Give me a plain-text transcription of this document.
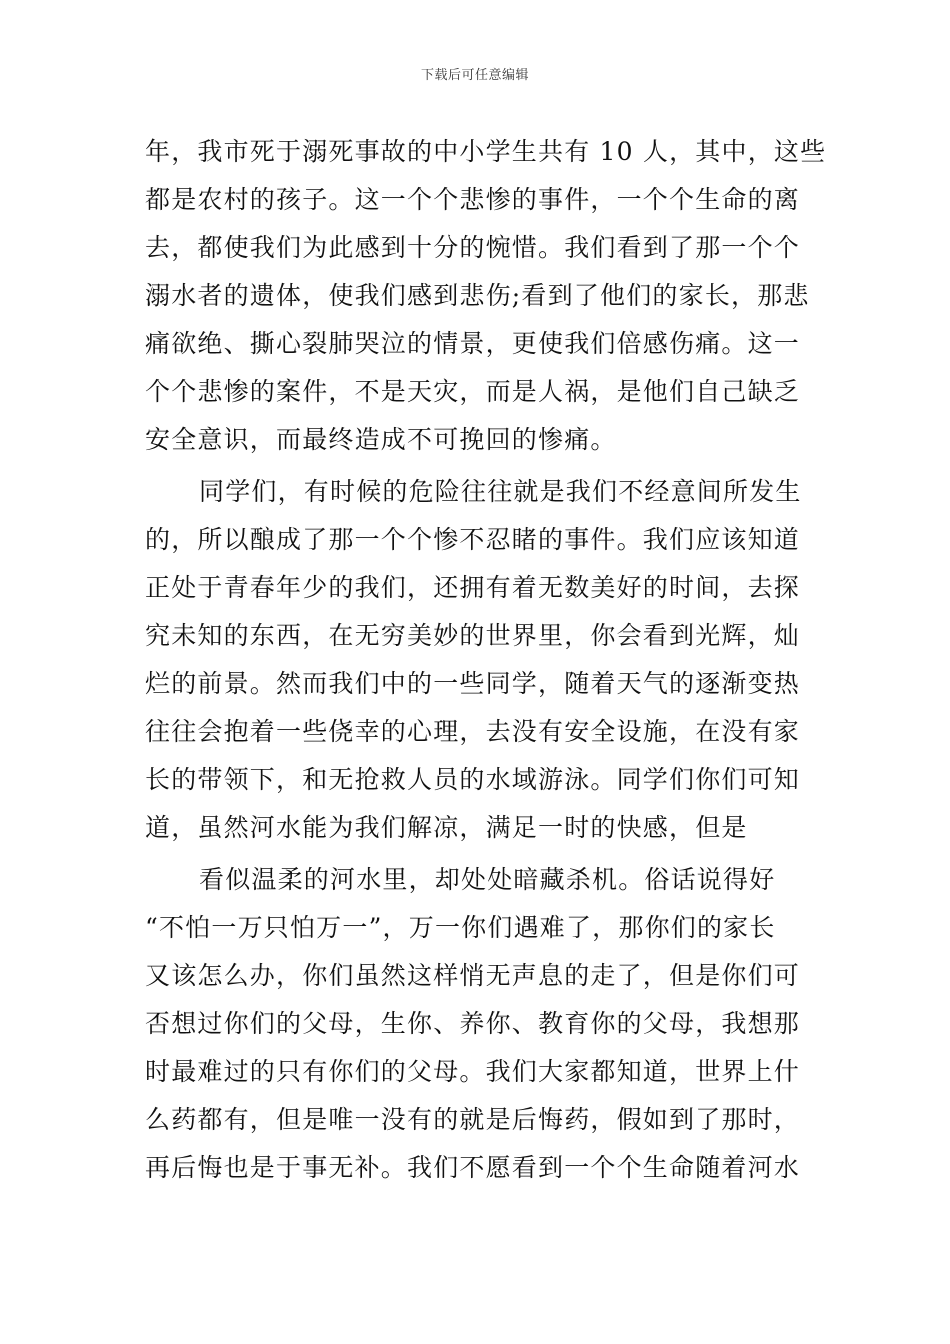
下载后可任意编辑
年，我市死于溺死事故的中小学生共有 10 人，其中，这些
都是农村的孩子。这一个个悲惨的事件，一个个生命的离
去，都使我们为此感到十分的惋惜。我们看到了那一个个
溺水者的遗体，使我们感到悲伤;看到了他们的家长，那悲
痛欲绝、撕心裂肺哭泣的情景，更使我们倍感伤痛。这一
个个悲惨的案件，不是天灾，而是人祸，是他们自己缺乏
安全意识，而最终造成不可挽回的惨痛。
同学们，有时候的危险往往就是我们不经意间所发生
的，所以酿成了那一个个惨不忍睹的事件。我们应该知道
正处于青春年少的我们，还拥有着无数美好的时间，去探
究未知的东西，在无穷美妙的世界里，你会看到光辉，灿
烂的前景。然而我们中的一些同学，随着天气的逐渐变热
往往会抱着一些侥幸的心理，去没有安全设施，在没有家
长的带领下，和无抢救人员的水域游泳。同学们你们可知
道，虽然河水能为我们解凉，满足一时的快感，但是
看似温柔的河水里，却处处暗藏杀机。俗话说得好
“不怕一万只怕万一”，万一你们遇难了，那你们的家长
又该怎么办，你们虽然这样悄无声息的走了，但是你们可
否想过你们的父母，生你、养你、教育你的父母，我想那
时最难过的只有你们的父母。我们大家都知道，世界上什
么药都有，但是唯一没有的就是后悔药，假如到了那时，
再后悔也是于事无补。我们不愿看到一个个生命随着河水
